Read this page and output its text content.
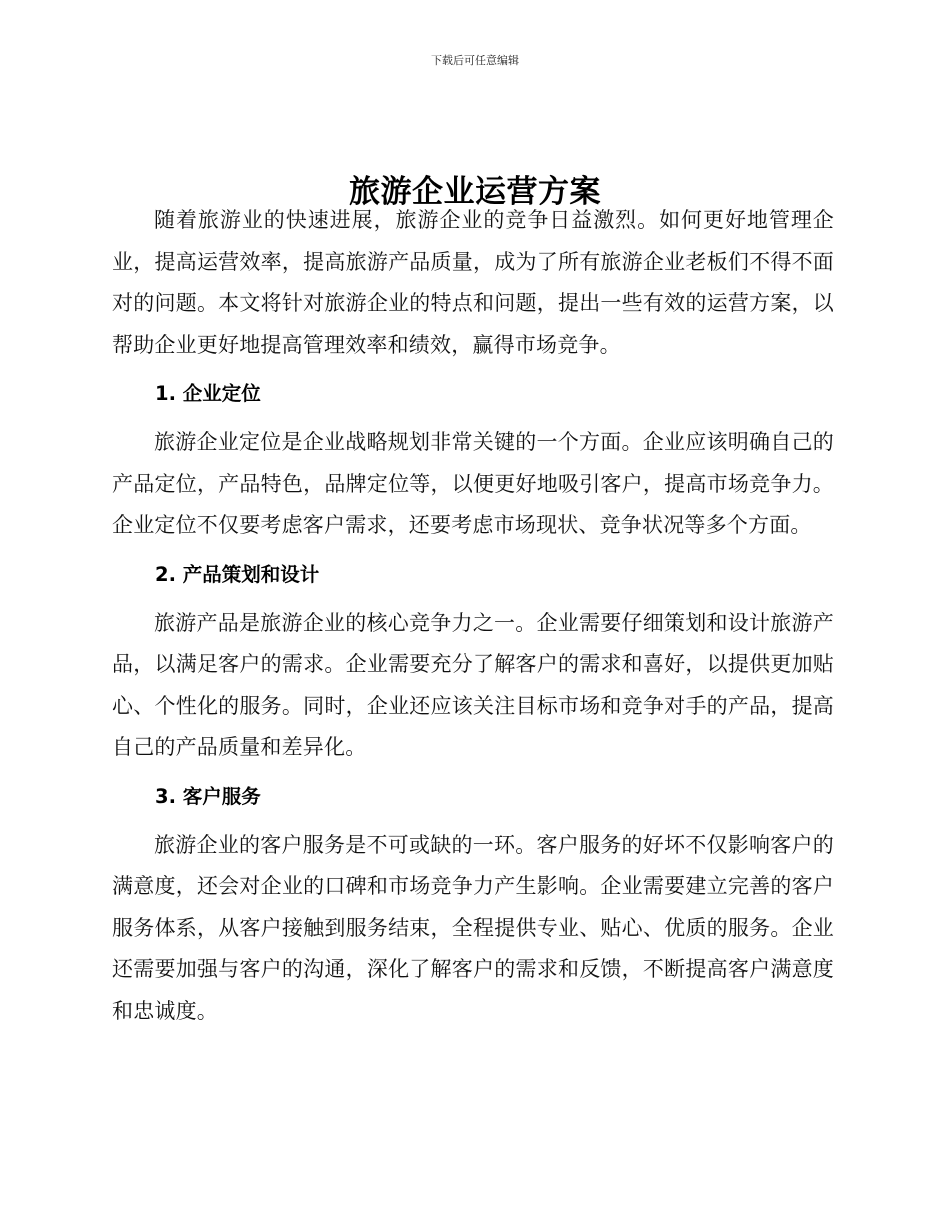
下载后可任意编辑
旅游企业运营方案

随着旅游业的快速进展，旅游企业的竞争日益激烈。如何更好地管理企业，提高运营效率，提高旅游产品质量，成为了所有旅游企业老板们不得不面对的问题。本文将针对旅游企业的特点和问题，提出一些有效的运营方案，以帮助企业更好地提高管理效率和绩效，赢得市场竞争。

1. 企业定位

旅游企业定位是企业战略规划非常关键的一个方面。企业应该明确自己的产品定位，产品特色，品牌定位等，以便更好地吸引客户，提高市场竞争力。企业定位不仅要考虑客户需求，还要考虑市场现状、竞争状况等多个方面。

2. 产品策划和设计

旅游产品是旅游企业的核心竞争力之一。企业需要仔细策划和设计旅游产品，以满足客户的需求。企业需要充分了解客户的需求和喜好，以提供更加贴心、个性化的服务。同时，企业还应该关注目标市场和竞争对手的产品，提高自己的产品质量和差异化。

3. 客户服务

旅游企业的客户服务是不可或缺的一环。客户服务的好坏不仅影响客户的满意度，还会对企业的口碑和市场竞争力产生影响。企业需要建立完善的客户服务体系，从客户接触到服务结束，全程提供专业、贴心、优质的服务。企业还需要加强与客户的沟通，深化了解客户的需求和反馈，不断提高客户满意度和忠诚度。
